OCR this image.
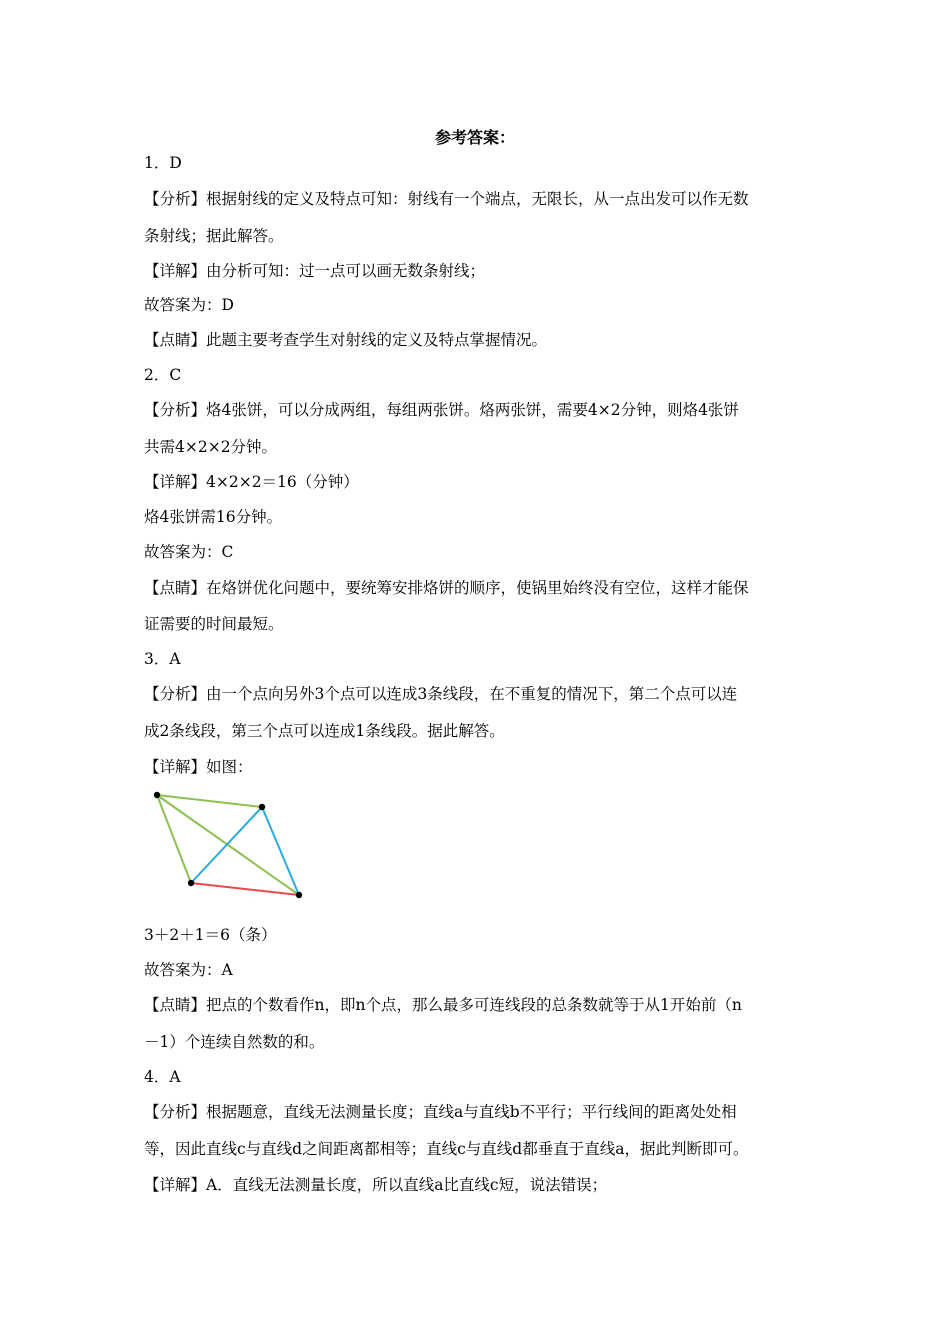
参考答案：
1．D
【分析】根据射线的定义及特点可知：射线有一个端点，无限长，从一点出发可以作无数
条射线；据此解答。
【详解】由分析可知：过一点可以画无数条射线；
故答案为：D
【点睛】此题主要考查学生对射线的定义及特点掌握情况。
2．C
【分析】烙4张饼，可以分成两组，每组两张饼。烙两张饼，需要4×2分钟，则烙4张饼
共需4×2×2分钟。
【详解】4×2×2＝16（分钟）
烙4张饼需16分钟。
故答案为：C
【点睛】在烙饼优化问题中，要统筹安排烙饼的顺序，使锅里始终没有空位，这样才能保
证需要的时间最短。
3．A
【分析】由一个点向另外3个点可以连成3条线段，在不重复的情况下，第二个点可以连
成2条线段，第三个点可以连成1条线段。据此解答。
【详解】如图：
3＋2＋1＝6（条）
故答案为：A
【点睛】把点的个数看作n，即n个点，那么最多可连线段的总条数就等于从1开始前（n
－1）个连续自然数的和。
4．A
【分析】根据题意，直线无法测量长度；直线a与直线b不平行；平行线间的距离处处相
等，因此直线c与直线d之间距离都相等；直线c与直线d都垂直于直线a，据此判断即可。
【详解】A．直线无法测量长度，所以直线a比直线c短，说法错误；
